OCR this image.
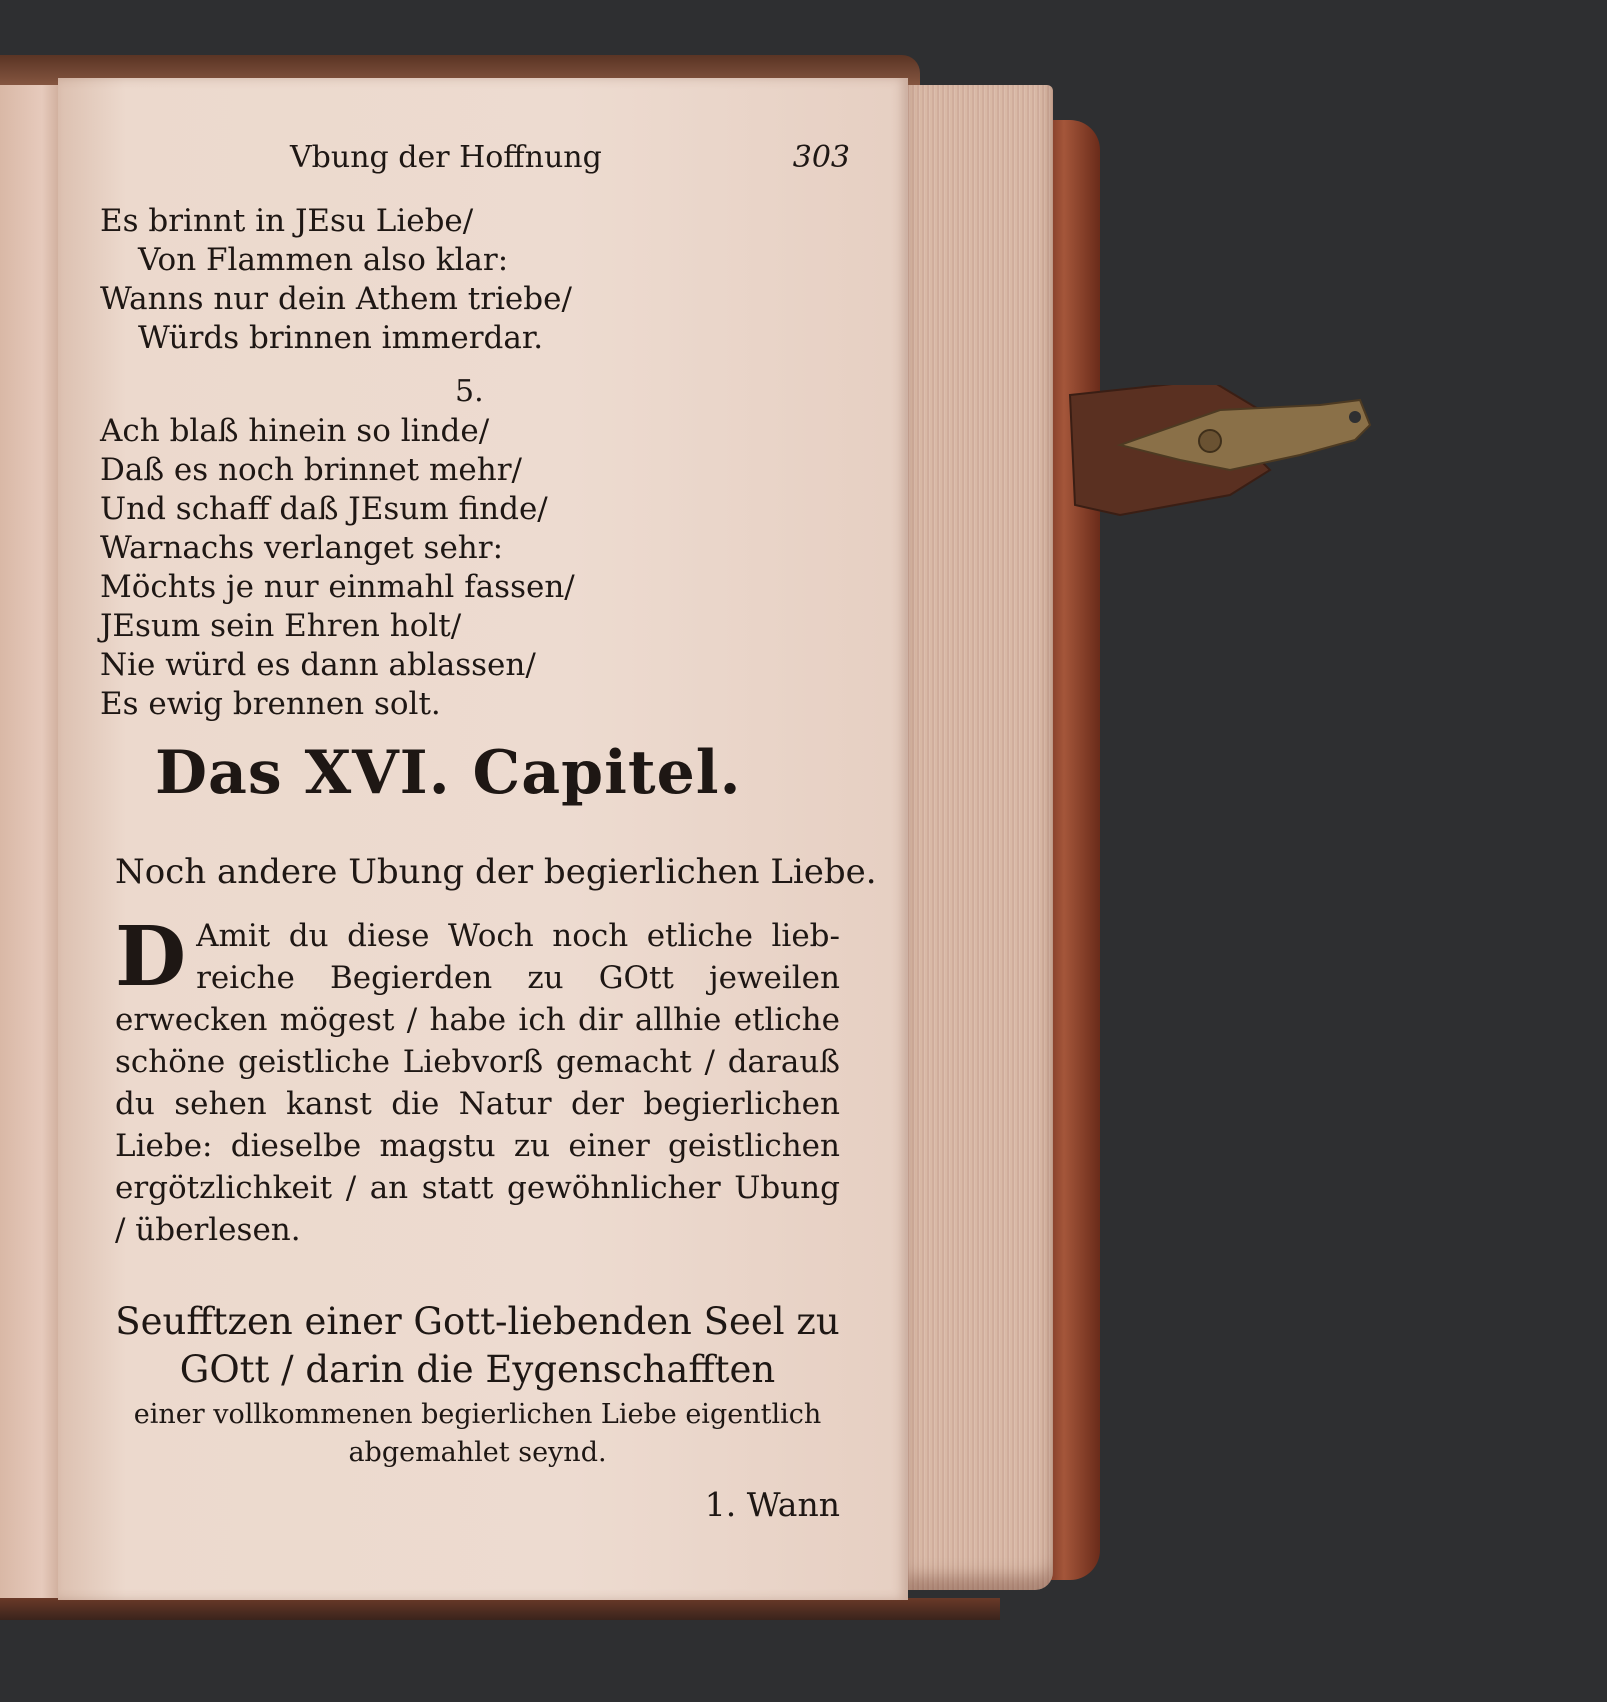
Vbung der Hoffnung	303
Es brinnt in JEsu Liebe/
Von Flammen also klar:
Wanns nur dein Athem triebe/
Würds brinnen immerdar.
5.
Ach blaß hinein so linde/
Daß es noch brinnet mehr/
Und schaff daß JEsum finde/
Warnachs verlanget sehr:
Möchts je nur einmahl fassen/
JEsum sein Ehren holt/
Nie würd es dann ablassen/
Es ewig brennen solt.
Das XVI. Capitel.
Noch andere Ubung der begierlichen Liebe.
D Amit du diese Woch noch etliche lieb- reiche Begierden zu GOtt jeweilen erwecken mögest / habe ich dir allhie etliche schöne geistliche Liebvorß gemacht / darauß du sehen kanst die Natur der begierlichen Liebe: dieselbe magstu zu einer geistlichen ergötzlichkeit / an statt gewöhnlicher Ubung / überlesen.
Seufftzen einer Gott-liebenden Seel zu GOtt / darin die Eygenschafften
einer vollkommenen begierlichen Liebe eigentlich abgemahlet seynd.
1. Wann
